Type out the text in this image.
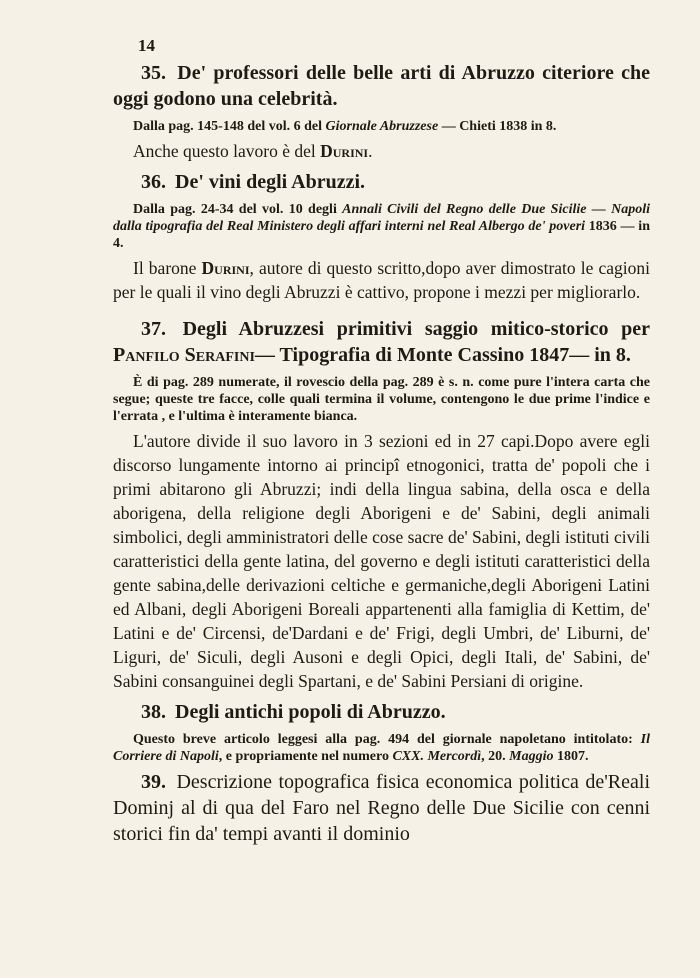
14

35. De' professori delle belle arti di Abruzzo citeriore che oggi godono una celebrità.

Dalla pag. 145-148 del vol. 6 del Giornale Abruzzese — Chieti 1838 in 8.

Anche questo lavoro è del Durini.

36. De' vini degli Abruzzi.

Dalla pag. 24-34 del vol. 10 degli Annali Civili del Regno delle Due Sicilie — Napoli dalla tipografia del Real Ministero degli affari interni nel Real Albergo de' poveri 1836 — in 4.

Il barone Durini, autore di questo scritto,dopo aver dimostrato le cagioni per le quali il vino degli Abruzzi è cattivo, propone i mezzi per migliorarlo.

37. Degli Abruzzesi primitivi saggio mitico-storico per Panfilo Serafini— Tipografia di Monte Cassino 1847— in 8.

È di pag. 289 numerate, il rovescio della pag. 289 è s. n. come pure l'intera carta che segue; queste tre facce, colle quali termina il volume, contengono le due prime l'indice e l'errata , e l'ultima è interamente bianca.

L'autore divide il suo lavoro in 3 sezioni ed in 27 capi.Dopo avere egli discorso lungamente intorno ai principî etnogonici, tratta de' popoli che i primi abitarono gli Abruzzi; indi della lingua sabina, della osca e della aborigena, della religione degli Aborigeni e de' Sabini, degli animali simbolici, degli amministratori delle cose sacre de' Sabini, degli istituti civili caratteristici della gente latina, del governo e degli istituti caratteristici della gente sabina,delle derivazioni celtiche e germaniche,degli Aborigeni Latini ed Albani, degli Aborigeni Boreali appartenenti alla famiglia di Kettim, de' Latini e de' Circensi, de'Dardani e de' Frigi, degli Umbri, de' Liburni, de' Liguri, de' Siculi, degli Ausoni e degli Opici, degli Itali, de' Sabini, de' Sabini consanguinei degli Spartani, e de' Sabini Persiani di origine.

38. Degli antichi popoli di Abruzzo.

Questo breve articolo leggesi alla pag. 494 del giornale napoletano intitolato: Il Corriere di Napoli, e propriamente nel numero CXX. Mercordì, 20. Maggio 1807.

39. Descrizione topografica fisica economica politica de'Reali Dominj al di qua del Faro nel Regno delle Due Sicilie con cenni storici fin da' tempi avanti il dominio
